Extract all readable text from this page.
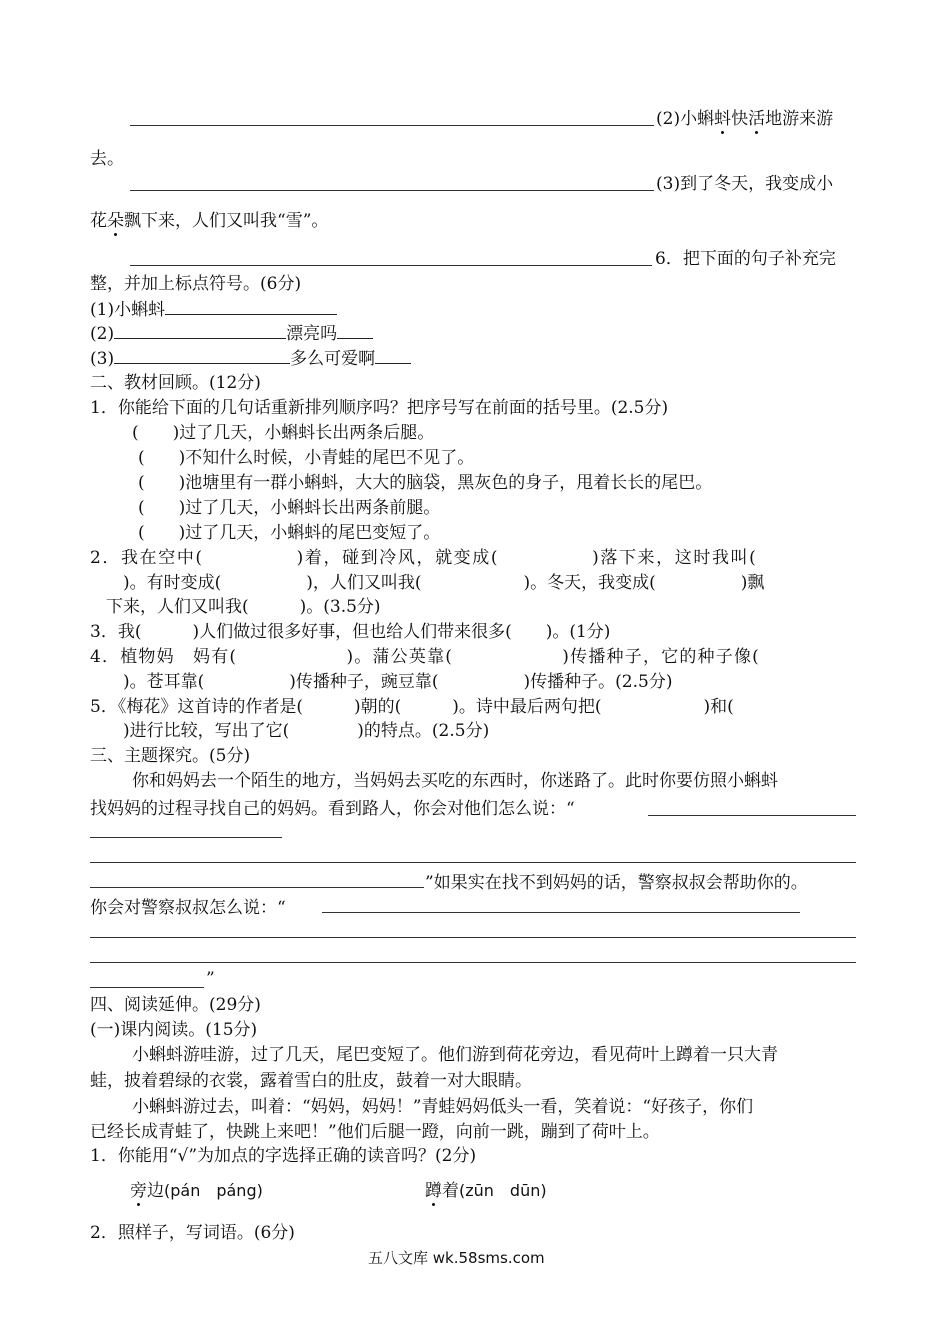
(2)小蝌蚪快活地游来游
去。
(3)到了冬天，我变成小
花朵飘下来，人们又叫我“雪”。
6．把下面的句子补充完
整，并加上标点符号。(6分)
(1)小蝌蚪
(2)	漂亮吗
(3)	多么可爱啊
二、教材回顾。(12分)
1．你能给下面的几句话重新排列顺序吗？把序号写在前面的括号里。(2.5分)
(　　)过了几天，小蝌蚪长出两条后腿。
(　　)不知什么时候，小青蛙的尾巴不见了。
(　　)池塘里有一群小蝌蚪，大大的脑袋，黑灰色的身子，甩着长长的尾巴。
(　　)过了几天，小蝌蚪长出两条前腿。
(　　)过了几天，小蝌蚪的尾巴变短了。
2．我在空中(　　　　　)着，碰到冷风，就变成(　　　　　)落下来，这时我叫(
　)。有时变成(　　　　　)，人们又叫我(　　　　　　)。冬天，我变成(　　　　　)飘
下来，人们又叫我(　　　)。(3.5分)
3．我(　　　)人们做过很多好事，但也给人们带来很多(　　)。(1分)
4．植物妈　妈有(　　　　　　)。蒲公英靠(　　　　　　)传播种子，它的种子像(
　)。苍耳靠(　　　　　)传播种子，豌豆靠(　　　　　)传播种子。(2.5分)
5．《梅花》这首诗的作者是(　　　)朝的(　　　)。诗中最后两句把(　　　　　　)和(
　)进行比较，写出了它(　　　　)的特点。(2.5分)
三、主题探究。(5分)
你和妈妈去一个陌生的地方，当妈妈去买吃的东西时，你迷路了。此时你要仿照小蝌蚪
找妈妈的过程寻找自己的妈妈。看到路人，你会对他们怎么说：“
”如果实在找不到妈妈的话，警察叔叔会帮助你的。
你会对警察叔叔怎么说：“
”
四、阅读延伸。(29分)
(一)课内阅读。(15分)
小蝌蚪游哇游，过了几天，尾巴变短了。他们游到荷花旁边，看见荷叶上蹲着一只大青
蛙，披着碧绿的衣裳，露着雪白的肚皮，鼓着一对大眼睛。
小蝌蚪游过去，叫着：“妈妈，妈妈！”青蛙妈妈低头一看，笑着说：“好孩子，你们
已经长成青蛙了，快跳上来吧！”他们后腿一蹬，向前一跳，蹦到了荷叶上。
1．你能用“√”为加点的字选择正确的读音吗？(2分)
旁边(pán　páng)	蹲着(zūn　dūn)
2．照样子，写词语。(6分)
五八文库 wk.58sms.com
